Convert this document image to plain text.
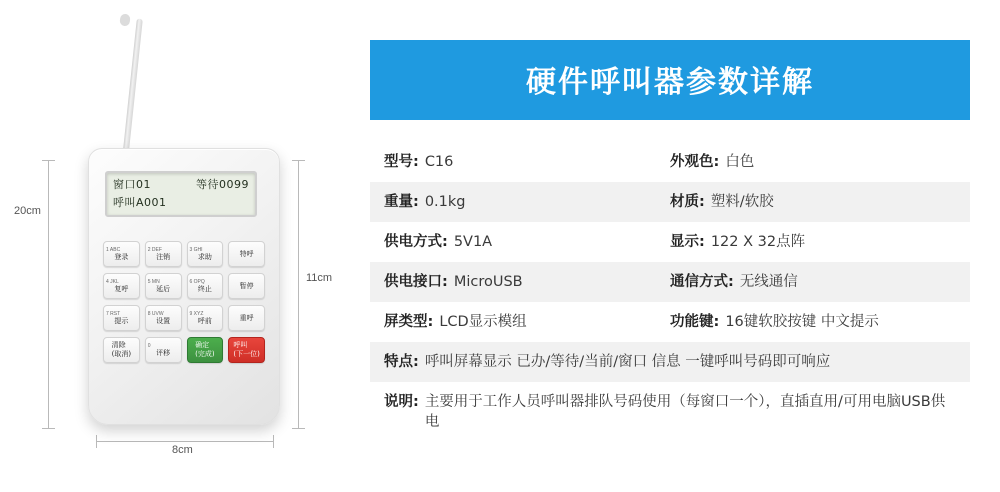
20cm
11cm
8cm
窗口01	等待0099
呼叫A001
1 ABC
登录
2 DEF
注销
3 GHI
求助	特呼
4 JKL
复呼
5 MN
延后
6 OPQ
终止	暂停
7 RST
提示
8 UVW
设置
9 XYZ
呼前	重呼
清除
(取消)
0
评移
确定
(完成)
呼叫
(下一位)
硬件呼叫器参数详解
型号: C16	外观色: 白色
重量: 0.1kg	材质: 塑料/软胶
供电方式: 5V1A	显示: 122 X 32点阵
供电接口: MicroUSB	通信方式: 无线通信
屏类型: LCD显示模组	功能键: 16键软胶按键 中文提示
特点: 呼叫屏幕显示 已办/等待/当前/窗口 信息 一键呼叫号码即可响应
说明: 主要用于工作人员呼叫器排队号码使用（每窗口一个），直插直用/可用电脑USB供电
